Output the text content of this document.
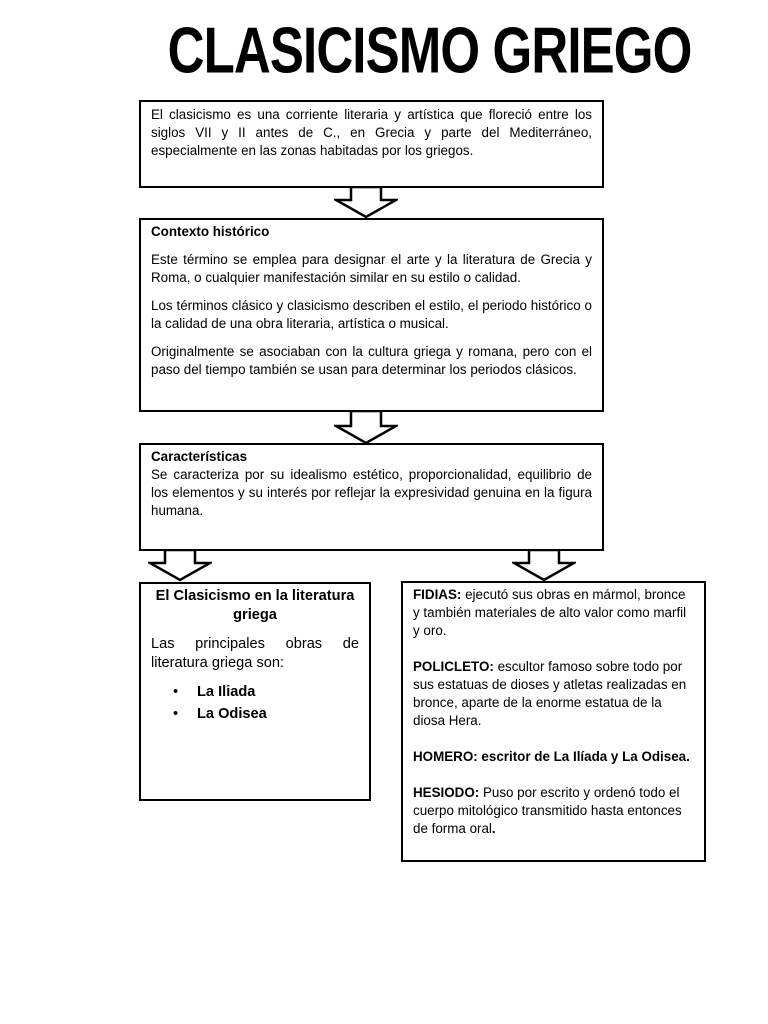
CLASICISMO GRIEGO

El clasicismo es una corriente literaria y artística que floreció entre los siglos VII y II antes de C., en Grecia y parte del Mediterráneo, especialmente en las zonas habitadas por los griegos.

Contexto histórico

Este término se emplea para designar el arte y la literatura de Grecia y Roma, o cualquier manifestación similar en su estilo o calidad.

Los términos clásico y clasicismo describen el estilo, el periodo histórico o la calidad de una obra literaria, artística o musical.

Originalmente se asociaban con la cultura griega y romana, pero con el paso del tiempo también se usan para determinar los periodos clásicos.

Características

Se caracteriza por su idealismo estético, proporcionalidad, equilibrio de los elementos y su interés por reflejar la expresividad genuina en la figura humana.

El Clasicismo en la literatura griega

Las principales obras de literatura griega son:

• La Iliada
• La Odisea

FIDIAS: ejecutó sus obras en mármol, bronce y también materiales de alto valor como marfil y oro.

POLICLETO: escultor famoso sobre todo por sus estatuas de dioses y atletas realizadas en bronce, aparte de la enorme estatua de la diosa Hera.

HOMERO: escritor de La Ilíada y La Odisea.

HESIODO: Puso por escrito y ordenó todo el cuerpo mitológico transmitido hasta entonces de forma oral.
